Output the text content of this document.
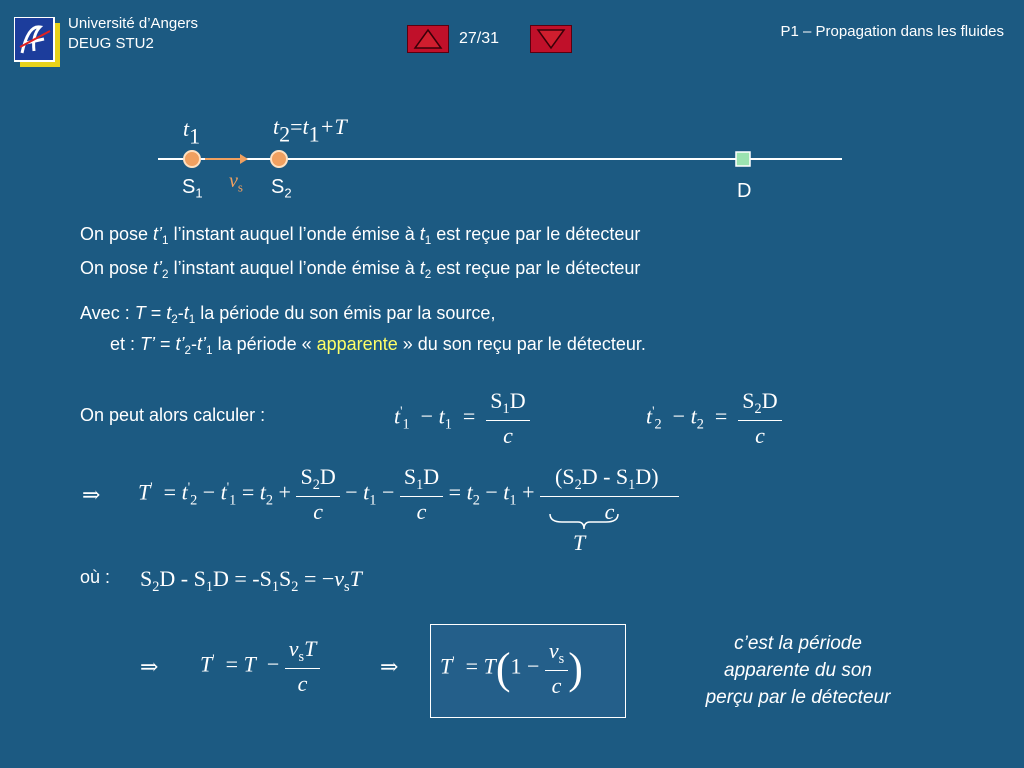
Université d’Angers
DEUG STU2	27/31	P1 – Propagation dans les fluides
$t_1$	$t_2=t_1+T$
$S_1$
$v_s$ $S_2$	D
On pose $t’_1$ l’instant auquel l’onde émise à $t_1$ est reçue par le détecteur
On pose $t’_2$ l’instant auquel l’onde émise à $t_2$ est reçue par le détecteur
Avec : $T = t_2-t_1$ la période du son émis par la source,
et : T’ = $t’_2-t’_1$ la période « apparente » du son reçu par le détecteur.
On peut alors calculer :	$t'_1 - t_1 = \frac{S_1D}{c}$	$t'_2 - t_2 = \frac{S_2D}{c}$
⇒ $T' = t'_2 - t'_1 = t_2 + \frac{S_2D}{c} - t_1 - \frac{S_1D}{c} = t_2 - t_1 + \frac{(S_2D - S_1D)}{c}$
T
où : $S_2D - S_1D = -S_1S_2 = -v_sT$
⇒ $T' = T - \frac{v_sT}{c}$	⇒ $T' = T(1 - \frac{v_s}{c}$ )
c’est la période
apparente du son
perçu par le détecteur
